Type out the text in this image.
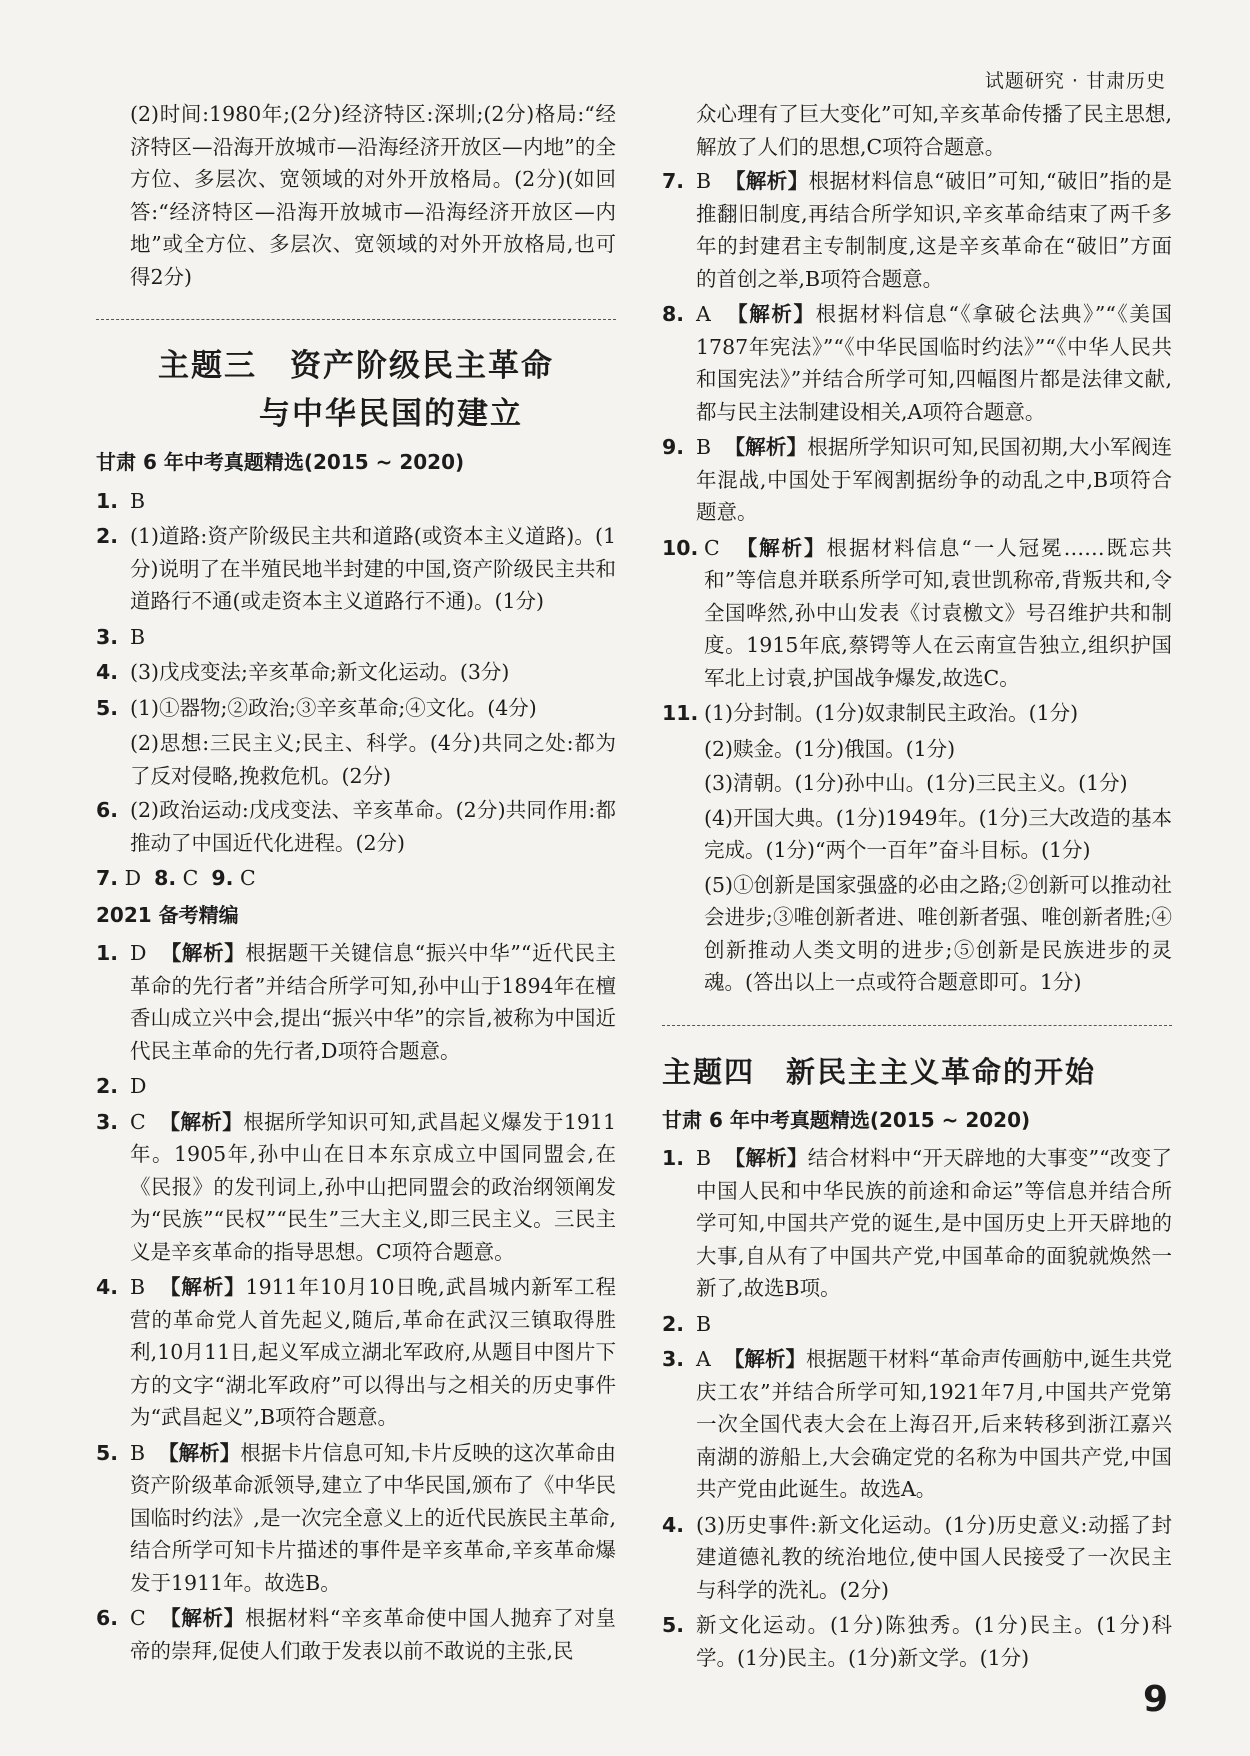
试题研究 · 甘肃历史

(2)时间:1980年;(2分)经济特区:深圳;(2分)格局:“经济特区—沿海开放城市—沿海经济开放区—内地”的全方位、多层次、宽领域的对外开放格局。(2分)(如回答:“经济特区—沿海开放城市—沿海经济开放区—内地”或全方位、多层次、宽领域的对外开放格局,也可得2分)

主题三　资产阶级民主革命
与中华民国的建立
甘肃 6 年中考真题精选(2015 ~ 2020)
1. B
2. (1)道路:资产阶级民主共和道路(或资本主义道路)。(1分)说明了在半殖民地半封建的中国,资产阶级民主共和道路行不通(或走资本主义道路行不通)。(1分)
3. B
4. (3)戊戌变法;辛亥革命;新文化运动。(3分)
5. (1)①器物;②政治;③辛亥革命;④文化。(4分)

(2)思想:三民主义;民主、科学。(4分)共同之处:都为了反对侵略,挽救危机。(2分)

6. (2)政治运动:戊戌变法、辛亥革命。(2分)共同作用:都推动了中国近代化进程。(2分)
7.
D
8.
C
9.
C
2021 备考精编
1. D 【解析】根据题干关键信息“振兴中华”“近代民主革命的先行者”并结合所学可知,孙中山于1894年在檀香山成立兴中会,提出“振兴中华”的宗旨,被称为中国近代民主革命的先行者,D项符合题意。
2. D
3. C 【解析】根据所学知识可知,武昌起义爆发于1911年。1905年,孙中山在日本东京成立中国同盟会,在《民报》的发刊词上,孙中山把同盟会的政治纲领阐发为“民族”“民权”“民生”三大主义,即三民主义。三民主义是辛亥革命的指导思想。C项符合题意。
4. B 【解析】1911年10月10日晚,武昌城内新军工程营的革命党人首先起义,随后,革命在武汉三镇取得胜利,10月11日,起义军成立湖北军政府,从题目中图片下方的文字“湖北军政府”可以得出与之相关的历史事件为“武昌起义”,B项符合题意。
5. B 【解析】根据卡片信息可知,卡片反映的这次革命由资产阶级革命派领导,建立了中华民国,颁布了《中华民国临时约法》,是一次完全意义上的近代民族民主革命,结合所学可知卡片描述的事件是辛亥革命,辛亥革命爆发于1911年。故选B。
6. C 【解析】根据材料“辛亥革命使中国人抛弃了对皇帝的崇拜,促使人们敢于发表以前不敢说的主张,民

众心理有了巨大变化”可知,辛亥革命传播了民主思想,解放了人们的思想,C项符合题意。

7. B 【解析】根据材料信息“破旧”可知,“破旧”指的是推翻旧制度,再结合所学知识,辛亥革命结束了两千多年的封建君主专制制度,这是辛亥革命在“破旧”方面的首创之举,B项符合题意。
8. A 【解析】根据材料信息“《拿破仑法典》”“《美国1787年宪法》”“《中华民国临时约法》”“《中华人民共和国宪法》”并结合所学可知,四幅图片都是法律文献,都与民主法制建设相关,A项符合题意。
9. B 【解析】根据所学知识可知,民国初期,大小军阀连年混战,中国处于军阀割据纷争的动乱之中,B项符合题意。
10. C 【解析】根据材料信息“一人冠冕……既忘共和”等信息并联系所学可知,袁世凯称帝,背叛共和,令全国哗然,孙中山发表《讨袁檄文》号召维护共和制度。1915年底,蔡锷等人在云南宣告独立,组织护国军北上讨袁,护国战争爆发,故选C。
11. (1)分封制。(1分)奴隶制民主政治。(1分)

(2)赎金。(1分)俄国。(1分)

(3)清朝。(1分)孙中山。(1分)三民主义。(1分)

(4)开国大典。(1分)1949年。(1分)三大改造的基本完成。(1分)“两个一百年”奋斗目标。(1分)

(5)①创新是国家强盛的必由之路;②创新可以推动社会进步;③唯创新者进、唯创新者强、唯创新者胜;④创新推动人类文明的进步;⑤创新是民族进步的灵魂。(答出以上一点或符合题意即可。1分)

主题四　新民主主义革命的开始
甘肃 6 年中考真题精选(2015 ~ 2020)
1. B 【解析】结合材料中“开天辟地的大事变”“改变了中国人民和中华民族的前途和命运”等信息并结合所学可知,中国共产党的诞生,是中国历史上开天辟地的大事,自从有了中国共产党,中国革命的面貌就焕然一新了,故选B项。
2. B
3. A 【解析】根据题干材料“革命声传画舫中,诞生共党庆工农”并结合所学可知,1921年7月,中国共产党第一次全国代表大会在上海召开,后来转移到浙江嘉兴南湖的游船上,大会确定党的名称为中国共产党,中国共产党由此诞生。故选A。
4. (3)历史事件:新文化运动。(1分)历史意义:动摇了封建道德礼教的统治地位,使中国人民接受了一次民主与科学的洗礼。(2分)
5. 新文化运动。(1分)陈独秀。(1分)民主。(1分)科学。(1分)民主。(1分)新文学。(1分)
9
